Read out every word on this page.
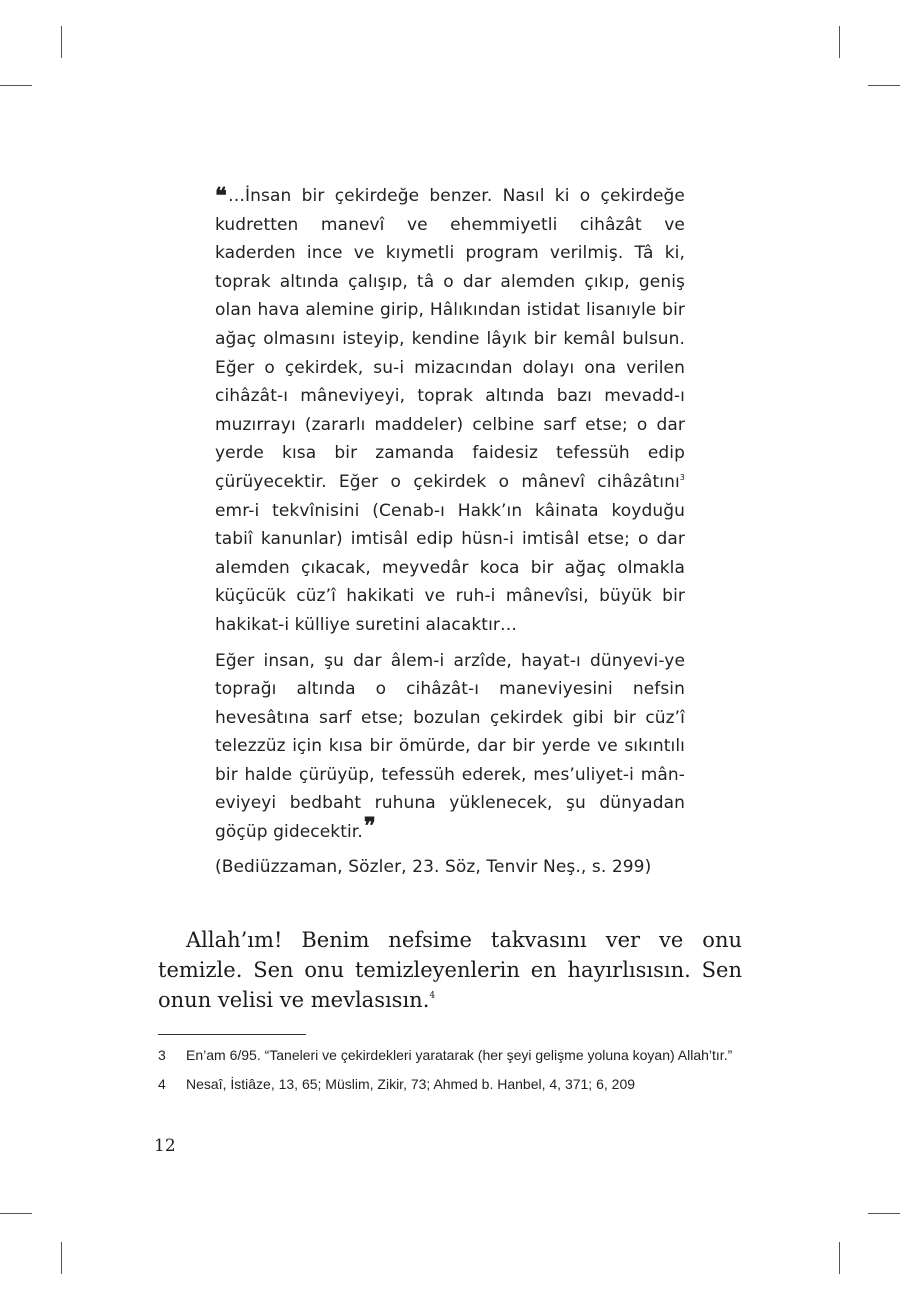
❝…İnsan bir çekirdeğe benzer. Nasıl ki o çekirdeğe kudretten manevî ve ehemmiyetli cihâzât ve kaderden ince ve kıymetli program verilmiş. Tâ ki, toprak altında çalışıp, tâ o dar alemden çıkıp, geniş olan hava alemine girip, Hâlıkından istidat lisanıyle bir ağaç olmasını isteyip, kendine lâyık bir kemâl bulsun. Eğer o çekirdek, su-i mizacından dolayı ona verilen cihâzât-ı mâneviyeyi, toprak altında bazı mevadd-ı muzırrayı (zararlı maddeler) celbine sarf etse; o dar yerde kısa bir zamanda faidesiz tefessüh edip çürüyecektir. Eğer o çekirdek o mânevî cihâzâtını$^3$ emr-i tekvînisini (Cenab-ı Hakk’ın kâinata koyduğu tabiî kanunlar) imtisâl edip hüsn-i imtisâl etse; o dar alemden çıkacak, meyvedâr koca bir ağaç olmakla küçücük cüz’î hakikati ve ruh-i mânevîsi, büyük bir hakikat-i külliye suretini alacaktır…

Eğer insan, şu dar âlem-i arzîde, hayat-ı dünyevi-ye toprağı altında o cihâzât-ı maneviyesini nefsin hevesâtına sarf etse; bozulan çekirdek gibi bir cüz’î telezzüz için kısa bir ömürde, dar bir yerde ve sıkıntılı bir halde çürüyüp, tefessüh ederek, mes’uliyet-i mân-eviyeyi bedbaht ruhuna yüklenecek, şu dünyadan göçüp gidecektir.❞

(Bediüzzaman, Sözler, 23. Söz, Tenvir Neş., s. 299)
Allah’ım! Benim nefsime takvasını ver ve onu temizle. Sen onu temizleyenlerin en hayırlısısın. Sen onun velisi ve mevlasısın.$^4$
3	En’am 6/95. “Taneleri ve çekirdekleri yaratarak (her şeyi gelişme yoluna koyan) Allah’tır.”
4	Nesaî, İstiâze, 13, 65; Müslim, Zikir, 73; Ahmed b. Hanbel, 4, 371; 6, 209
12
